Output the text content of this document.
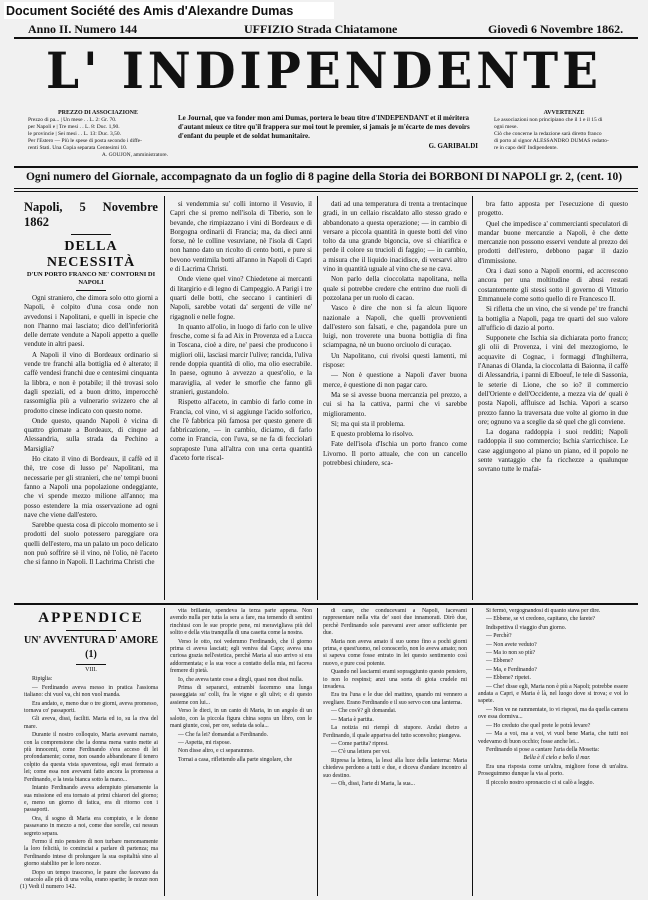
Document Société des Amis d'Alexandre Dumas
Anno II. Numero 144	UFFIZIO Strada Chiatamone	Giovedì 6 Novembre 1862.
L' INDIPENDENTE
PREZZO DI ASSOCIAZIONE
Prezzo di pa... | Un mese . . L. 2: Gr. 70.
per Napoli e | Tre mesi . . L. 8: Duc. 1,90.
le provincie | Sei mesi . . L. 13: Duc. 3,50.
Per l'Estero — Più le spese di posta secondo i diffe-
renti Stati. Una Copia separata Centesimi 10.
A. GOUJON, amministratore.
Le Journal, que va fonder mon ami Dumas, portera le beau titre d'INDEPENDANT et il méritera d'autant mieux ce titre qu'il frappera sur moi tout le premier, si jamais je m'écarte de mes devoirs d'enfant du peuple et de soldat humanitaire.
G. GARIBALDI
AVVERTENZE
Le associazioni non principiano che il 1 e il 15 di
ogni mese.
Ciò che concerne la redazione sarà diretto franco
di porto al signor ALESSANDRO DUMAS redatto-
re in capo dell' Indipendente.
Ogni numero del Giornale, accompagnato da un foglio di 8 pagine della Storia dei BORBONI DI NAPOLI gr. 2, (cent. 10)
Napoli, 5 Novembre 1862
DELLA NECESSITÀ
D'UN PORTO FRANCO NE' CONTORNI DI NAPOLI

Ogni straniero, che dimora solo otto giorni a Napoli, è colpito d'una cosa onde non avvedonsi i Napolitani, e quelli in ispecie che non l'hanno mai lasciato; dico dell'inferiorità delle derrate vendute a Napoli appetto a quelle vendute in altri paesi.

A Napoli il vino di Bordeaux ordinario si vende tre franchi alla bottiglia ed è alterato; il caffè vendesi franchi due e centesimi cinquanta la libbra, e non è potabile; il thè trovasi solo dagli speziali, ed a buon dritto, imperocchè rassomiglia più a vulnerario svizzero che al prodotto cinese indicato con questo nome.

Onde questo, quando Napoli è vicina di quattro giornate a Bordeaux, di cinque ad Alessandria, sulla strada da Pechino a Marsiglia?

Ho citato il vino di Bordeaux, il caffè ed il thè, tre cose di lusso pe' Napolitani, ma necessarie per gli stranieri, che ne' tempi buoni fanno a Napoli una popolazione ondeggiante, che vi spende mezzo milione all'anno; ma posso estendere la mia osservazione ad ogni nave che viene dall'estero.

Sarebbe questa cosa di piccolo momento se i prodotti del suolo potessero pareggiare ora quelli dell'estero, ma un palato un poco delicato non può soffrire sè il vino, nè l'olio, nè l'aceto che si fanno in Napoli. Il Lachrima Christi che

si vendemmia su' colli intorno il Vesuvio, il Capri che si premo nell'isola di Tiberio, son le bevande, che rimpiazzano i vini di Bordeaux e di Borgogna ordinarii di Francia; ma, da dieci anni forse, nè le colline vesuviane, nè l'isola di Capri non hanno dato un ricolto di cento botti, e pure si bevono ventimila botti all'anno in Napoli di Capri e di Lacrima Christi.

Onde viene quel vino? Chiedetene ai mercanti di litargirio e di legno di Campeggio. A Parigi i tre quarti delle botti, che seccano i cantinieri di Napoli, sarebbe votati da' sergenti de ville ne' rigagnoli e nelle fogne.

In quanto all'olio, in luogo di farlo con le ulive fresche, come si fa ad Aix in Provenza ed a Lucca in Toscana, cioè a dire, ne' paesi che producono i migliori olii, lasciasi marcir l'ulive; rancida, l'uliva rende doppia quantità di olio, ma olio esecrabile. In paese, ognuno à avvezzo a quest'olio, e la maraviglia, al veder le smorfie che fanno gli stranieri, gustandolo.

Rispetto all'aceto, in cambio di farlo come in Francia, col vino, vi si aggiunge l'acido solforico, che l'è fabbrica più famosa per questo genere di fabbricazione, — in cambio, diciamo, di farlo come in Francia, con l'uva, se ne fa di fecciolari sopraposte l'una all'altra con una certa quantità d'aceto forte riscal-

dati ad una temperatura di trenta a trentacinque gradi, in un cellaio riscaldato allo stesso grado e abbandonato a questa operazione; — in cambio di versare a piccola quantità in queste botti del vino tolto da una grande bigoncia, ove si chiarifica e perde il colore su trucioli di faggio; — in cambio, a misura che il liquido inacidisce, di versarvi altro vino in quantità uguale al vino che se ne cava.

Non parlo della cioccolatta napolitana, nella quale si potrebbe credere che entrino due ruoli di pozzolana per un ruolo di cacao.

Vasco è dire che non si fa alcun liquore nazionale a Napoli, che quelli provvenienti dall'estero son falsati, e che, pagandola pure un luigi, non troverete una buona bottiglia di fina sciampagna, nè un buono orciuolo di curaçao.

Un Napolitano, cui rivolsi questi lamenti, mi rispose:

— Non è questione a Napoli d'aver buona merce, è questione di non pagar caro.

Ma se si avesse buona mercanzia pel prezzo, a cui si ha la cattiva, parmi che vi sarebbe miglioramento.

Sì; ma qui sta il problema.

E questo problema lo risolvo.

Fate dell'isola d'Ischia un porto franco come Livorno. Il porto attuale, che con un cancello potrebbesi chiudere, sca-

bra fatto apposta per l'esecuzione di questo progetto.

Quel che impedisce a' commercianti speculatori di mandar buone mercanzie a Napoli, è che dette mercanzie non possono esservi vendute al prezzo dei prodotti dell'estero, debbono pagar il dazio d'immissione.

Ora i dazi sono a Napoli enormi, ed accrescono ancora per una moltitudine di abusi restati costantemente gli stessi sotto il governo di Vittorio Emmanuele come sotto quello di re Francesco II.

Si rifletta che un vino, che si vende pe' tre franchi la bottiglia a Napoli, paga tre quarti del suo valore all'ufficio di dazio al porto.

Supponete che Ischia sia dichiarata porto franco; gli olii di Provenza, i vini del mezzogiorno, le acquavite di Cognac, i formaggi d'Inghilterra, l'Ananas di Olanda, la cioccolatta di Baionna, il caffè di Alessandria, i panni di Elboeuf, le tele di Sassonia, le seterie di Lione, che so io? il commercio dell'Oriente e dell'Occidente, a mezza via de' quali è posta Napoli, affluisce ad Ischia. Vapori a scarso prezzo fanno la traversata due volte al giorno in due ore; ognuno va a sceglie da sè quel che gli conviene.

La dogana raddoppia i suoi redditi; Napoli raddoppia il suo commercio; Ischia s'arricchisce. Le case aggiungono al piano un piano, ed il popolo ne sente vantaggio che fa ricchezze a qualunque sovrano tutte le mafai-

APPENDICE
UN' AVVENTURA D' AMORE (1)
VIII.

Ripiglia:

— Ferdinando aveva messo in pratica l'assioma italiano: chi vuol va, chi non vuol manda.

Era andato, e, meno due o tre giorni, aveva promesso, tornava co' passaporti.

Gli aveva, dissi, faciliti. Maria ed io, su la riva del mare.

Durante il nostro colloquio, Maria avevami narrato, con la comprensione che la donna mena vanto mette ai più innocenti, come Ferdinando s'era acceso di lei profondamente; come, non osando abbandonare il tenero colpito da questa vista spaventosa, egli erasi fermato a lei; come essa non avevami fatto ancora la promessa a Ferdinando, e la testa bianca sotto la mano...

Intanto Ferdinando aveva adempiuto pienamente la sua missione ed era tornato ai primi chiarori del giorno; e, meno un giorno di fatica, era di ritorno con i passaporti.

Ora, il sogno di Maria era compiuto, e le donne passavano in mezzo a noi, come due sorelle, cui nessun segreto separa.

Fermo il mio pensiero di non turbare menomamente la loro felicità, io cominciai a parlare di partenza; ma Ferdinando intese di prolungare la sua ospitalità sino al giorno stabilito per le loro nozze.

Dopo un tempo trascorso, le paure che facevano da ostacolo alle più di una volta, erano sparite; le nozze non

vita brillante, spendeva la terza parte appena. Non avendo nulla per tutta la sera a fare, ma temendo di sentirsi rinchiusi con le sue proprie pene, mi meravigliava più del solito e della vita tranquilla di una casetta come la nostra.

Verso le otto, noi vedemmo Ferdinando, che il giorno prima ci aveva lasciati; egli veniva dal Capo; aveva una curiosa grazia nell'estetica, perchè Maria al suo arrivo si era addormentata; e la sua voce a contatto della mia, mi faceva fremere di pietà.

Io, che aveva tante cose a dirgli, quasi non dissi nulla.

Prima di separarci, entrambi facemmo una lunga passeggiata su' colli, fra le vigne e gli ulivi; e di questo assieme con lui...

Verso le dieci, in un canto di Maria, in un angolo di un salotto, con la piccola figura china sopra un libro, con le mani giunte, così, per ore, seduta da sola...

— Che fa lei? domandai a Ferdinando.

— Aspetta, mi rispose.

Non disse altro, e ci separammo.

Tornai a casa, riflettendo alla parte singolare, che

di cane, che conducevami a Napoli, facevami rappresentare nella vita de' suoi due innamorati. Dirò due, perchè Ferdinando sole parevami aver amor sufficiente per due.

Maria non aveva amato il suo uomo fino a pochi giorni prima, e quest'uomo, nel conoscerlo, non lo aveva amato; non si sapeva come fosse entrato in lei questo sentimento così nuovo, e pure così potente.

Quando nel lasciarmi erami sopraggiunto questo pensiero, io non lo respinsi; anzi una sorta di gioia crudele mi invadeva.

Era tra l'una e le due del mattino, quando mi vennero a svegliare. Erano Ferdinando e il suo servo con una lanterna.

— Che cos'è? gli domandai.

— Maria è partita.

La notizia mi riempì di stupore. Andai dietro a Ferdinando, il quale appariva del tutto sconvolto; piangeva.

— Come partita? ripresi.

— C'è una lettera per voi.

Ripresa la lettera, la lessi alla luce della lanterna: Maria chiedeva perdono a tutti e due, e diceva d'andare incontro al suo destino.

— Oh, dissi, l'arte di Maria, la sua...

Si fermò, vergognandosi di quanto stava per dire.

— Ebbene, se vi credono, capitano, che farete?

Indispettiva il viaggio d'un giorno.

— Perchè?

— Non avete veduto?

— Ma io non so più?

— Ebbene?

— Ma, e Ferdinando?

— Ebbene? ripetei.

— Che! disse egli, Maria non è più a Napoli; potrebbe essere andata a Capri, e Maria è là, nel luogo dove si trova; e voi lo sapete.

— Non ve ne rammentate, io vi risposi, ma da quella camera ove essa dormiva...

— Ho creduto che quel prete le potrà levare?

— Ma a voi, ma a voi, vi vuol bene Maria, che tutti noi vedevamo di buon occhio; fosse anche lei...

Ferdinando si pose a cantare l'aria della Mosetta:

Bella è il cielo e bello il mar.

Era una risposta come un'altra, migliore forse di un'altra. Proseguimmo dunque la via al porto.

Il piccolo nostro spronaccio ci si calò a leggio.

(1) Vedi il numero 142.
